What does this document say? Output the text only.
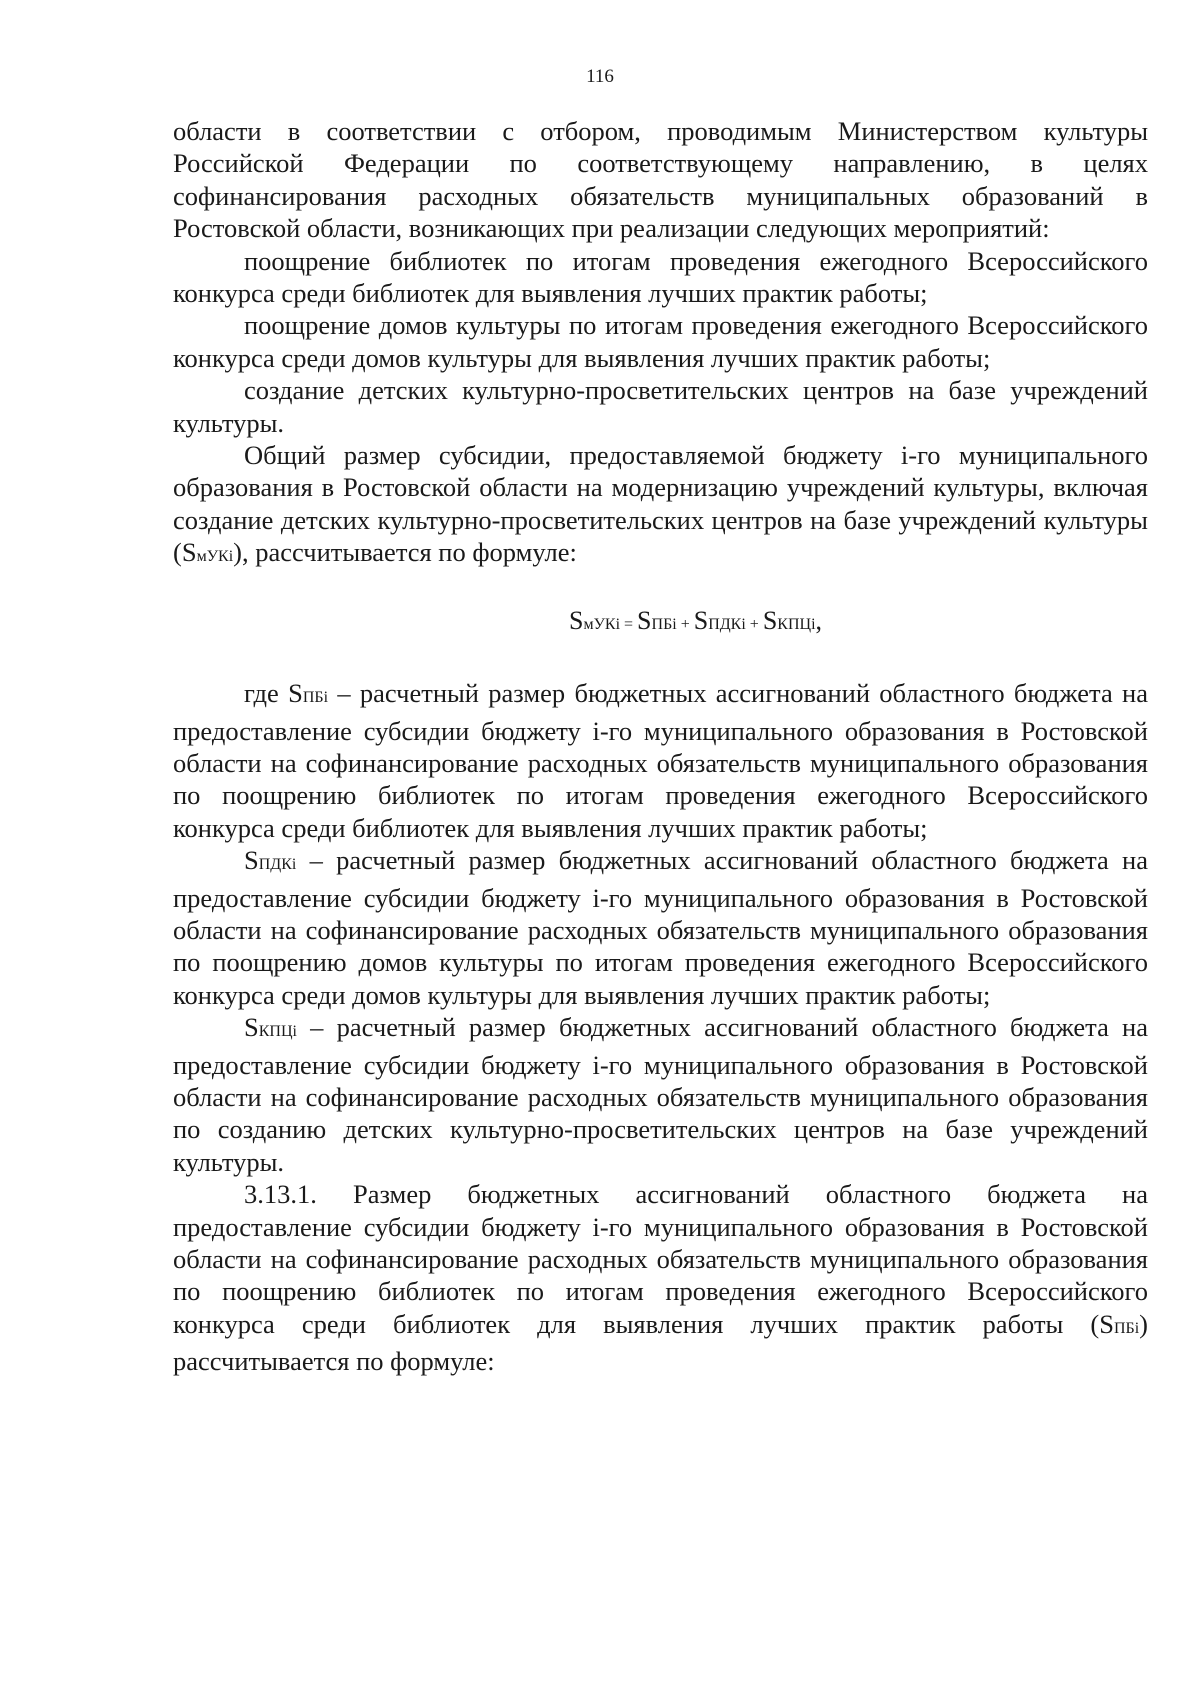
116

области в соответствии с отбором, проводимым Министерством культуры Российской Федерации по соответствующему направлению, в целях софинансирования расходных обязательств муниципальных образований в Ростовской области, возникающих при реализации следующих мероприятий:

поощрение библиотек по итогам проведения ежегодного Всероссийского конкурса среди библиотек для выявления лучших практик работы;

поощрение домов культуры по итогам проведения ежегодного Всероссийского конкурса среди домов культуры для выявления лучших практик работы;

создание детских культурно-просветительских центров на базе учреждений культуры.

Общий размер субсидии, предоставляемой бюджету i-го муниципального образования в Ростовской области на модернизацию учреждений культуры, включая создание детских культурно-просветительских центров на базе учреждений культуры (SмУКi), рассчитывается по формуле:

SмУКi = SПБi + SПДКi + SКПЦi,

где SПБi – расчетный размер бюджетных ассигнований областного бюджета на предоставление субсидии бюджету i-го муниципального образования в Ростовской области на софинансирование расходных обязательств муниципального образования по поощрению библиотек по итогам проведения ежегодного Всероссийского конкурса среди библиотек для выявления лучших практик работы;

SПДКi – расчетный размер бюджетных ассигнований областного бюджета на предоставление субсидии бюджету i-го муниципального образования в Ростовской области на софинансирование расходных обязательств муниципального образования по поощрению домов культуры по итогам проведения ежегодного Всероссийского конкурса среди домов культуры для выявления лучших практик работы;

SКПЦi – расчетный размер бюджетных ассигнований областного бюджета на предоставление субсидии бюджету i-го муниципального образования в Ростовской области на софинансирование расходных обязательств муниципального образования по созданию детских культурно-просветительских центров на базе учреждений культуры.

3.13.1. Размер бюджетных ассигнований областного бюджета на предоставление субсидии бюджету i-го муниципального образования в Ростовской области на софинансирование расходных обязательств муниципального образования по поощрению библиотек по итогам проведения ежегодного Всероссийского конкурса среди библиотек для выявления лучших практик работы (SПБi) рассчитывается по формуле:
